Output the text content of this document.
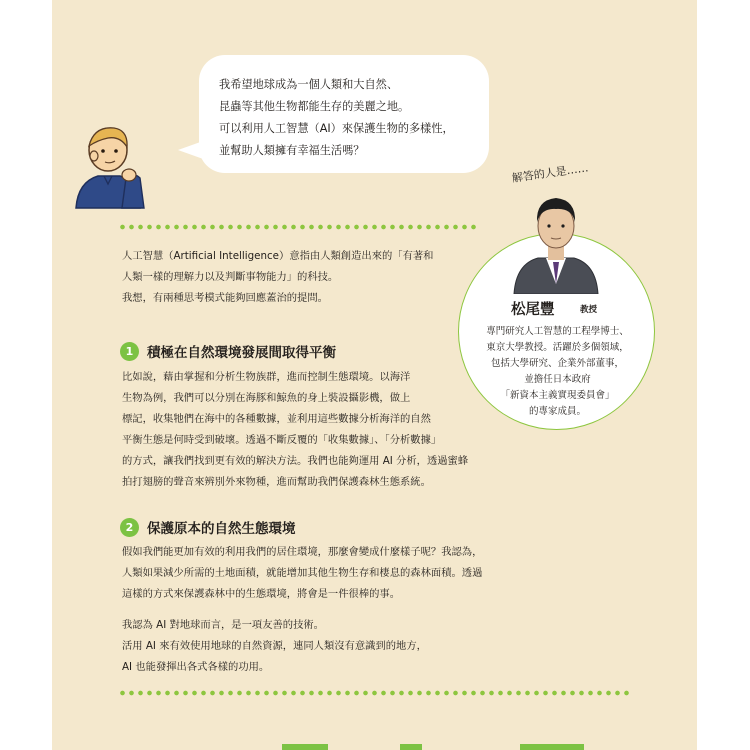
我希望地球成為一個人類和大自然、
昆蟲等其他生物都能生存的美麗之地。
可以利用人工智慧（AI）來保護生物的多樣性，
並幫助人類擁有幸福生活嗎？
解答的人是……
松尾豐	教授
專門研究人工智慧的工程學博士、
東京大學教授。活躍於多個領域，
包括大學研究、企業外部董事，
並擔任日本政府
「新資本主義實現委員會」
的專家成員。
人工智慧（Artificial Intelligence）意指由人類創造出來的「有著和
人類一樣的理解力以及判斷事物能力」的科技。
我想，有兩種思考模式能夠回應蓋治的提問。
1	積極在自然環境發展間取得平衡
比如說，藉由掌握和分析生物族群，進而控制生態環境。以海洋
生物為例，我們可以分別在海豚和鯨魚的身上裝設攝影機，做上
標記，收集牠們在海中的各種數據，並利用這些數據分析海洋的自然
平衡生態是何時受到破壞。透過不斷反覆的「收集數據」、「分析數據」
的方式，讓我們找到更有效的解決方法。我們也能夠運用 AI 分析，透過蜜蜂
拍打翅膀的聲音來辨別外來物種，進而幫助我們保護森林生態系統。
2	保護原本的自然生態環境
假如我們能更加有效的利用我們的居住環境，那麼會變成什麼樣子呢？我認為，
人類如果減少所需的土地面積，就能增加其他生物生存和棲息的森林面積。透過
這樣的方式來保護森林中的生態環境，將會是一件很棒的事。
我認為 AI 對地球而言，是一項友善的技術。
活用 AI 來有效使用地球的自然資源，連同人類沒有意識到的地方，
AI 也能發揮出各式各樣的功用。
